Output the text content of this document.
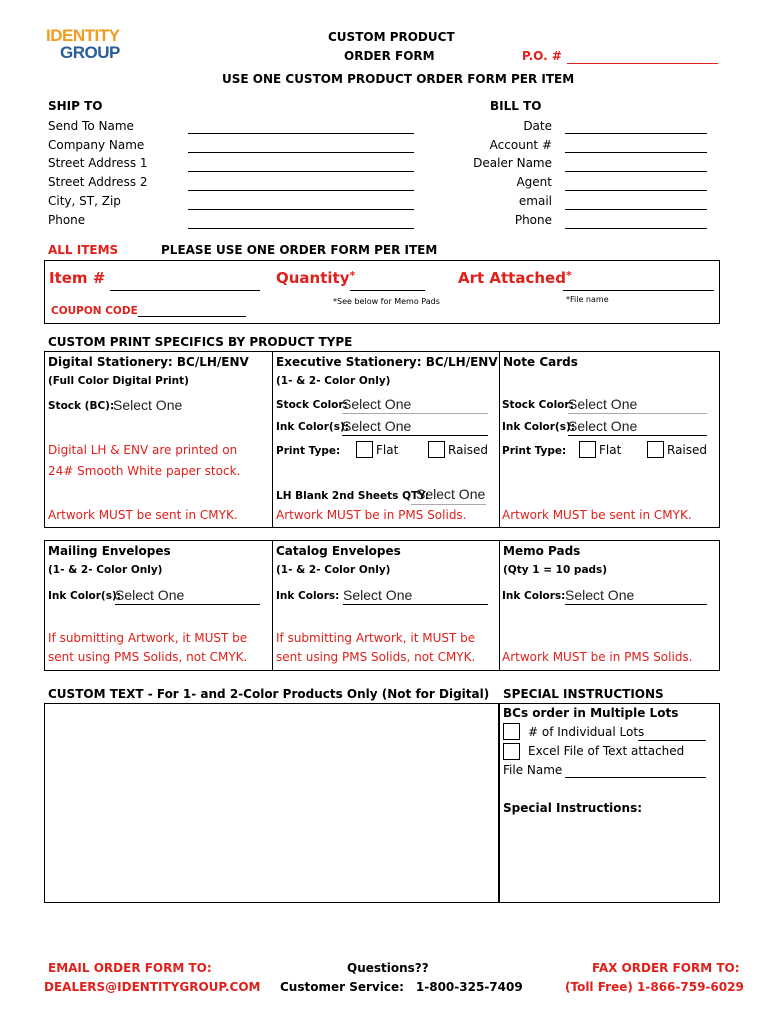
IDENTITY
GROUP
CUSTOM PRODUCT
ORDER FORM	P.O. #
USE ONE CUSTOM PRODUCT ORDER FORM PER ITEM
SHIP TO
Send To Name
Company Name
Street Address 1
Street Address 2
City, ST, Zip
Phone
BILL TO
Date
Account #
Dealer Name
Agent
email
Phone
ALL ITEMS	PLEASE USE ONE ORDER FORM PER ITEM
Item #	Quantity*	Art Attached*
*See below for Memo Pads	*File name
COUPON CODE
CUSTOM PRINT SPECIFICS BY PRODUCT TYPE
Digital Stationery: BC/LH/ENV
(Full Color Digital Print)
Stock (BC):
Select One
Digital LH & ENV are printed on
24# Smooth White paper stock.
Artwork MUST be sent in CMYK.
Executive Stationery: BC/LH/ENV
(1- & 2- Color Only)
Stock Color:
Select One
Ink Color(s):
Select One
Print Type:	Flat	Raised
LH Blank 2nd Sheets QTY:
Select One
Artwork MUST be in PMS Solids.
Note Cards
Stock Color:
Select One
Ink Color(s):
Select One
Print Type:	Flat	Raised
Artwork MUST be sent in CMYK.
Mailing Envelopes
(1- & 2- Color Only)
Ink Color(s):
Select One
If submitting Artwork, it MUST be
sent using PMS Solids, not CMYK.
Catalog Envelopes
(1- & 2- Color Only)
Ink Colors: Select One
If submitting Artwork, it MUST be
sent using PMS Solids, not CMYK.
Memo Pads
(Qty 1 = 10 pads)
Ink Colors: Select One
Artwork MUST be in PMS Solids.
CUSTOM TEXT - For 1- and 2-Color Products Only (Not for Digital) SPECIAL INSTRUCTIONS
BCs order in Multiple Lots
# of Individual Lots
Excel File of Text attached
File Name
Special Instructions:
EMAIL ORDER FORM TO:
DEALERS@IDENTITYGROUP.COM
Questions??
Customer Service: 1-800-325-7409
FAX ORDER FORM TO:
(Toll Free) 1-866-759-6029
